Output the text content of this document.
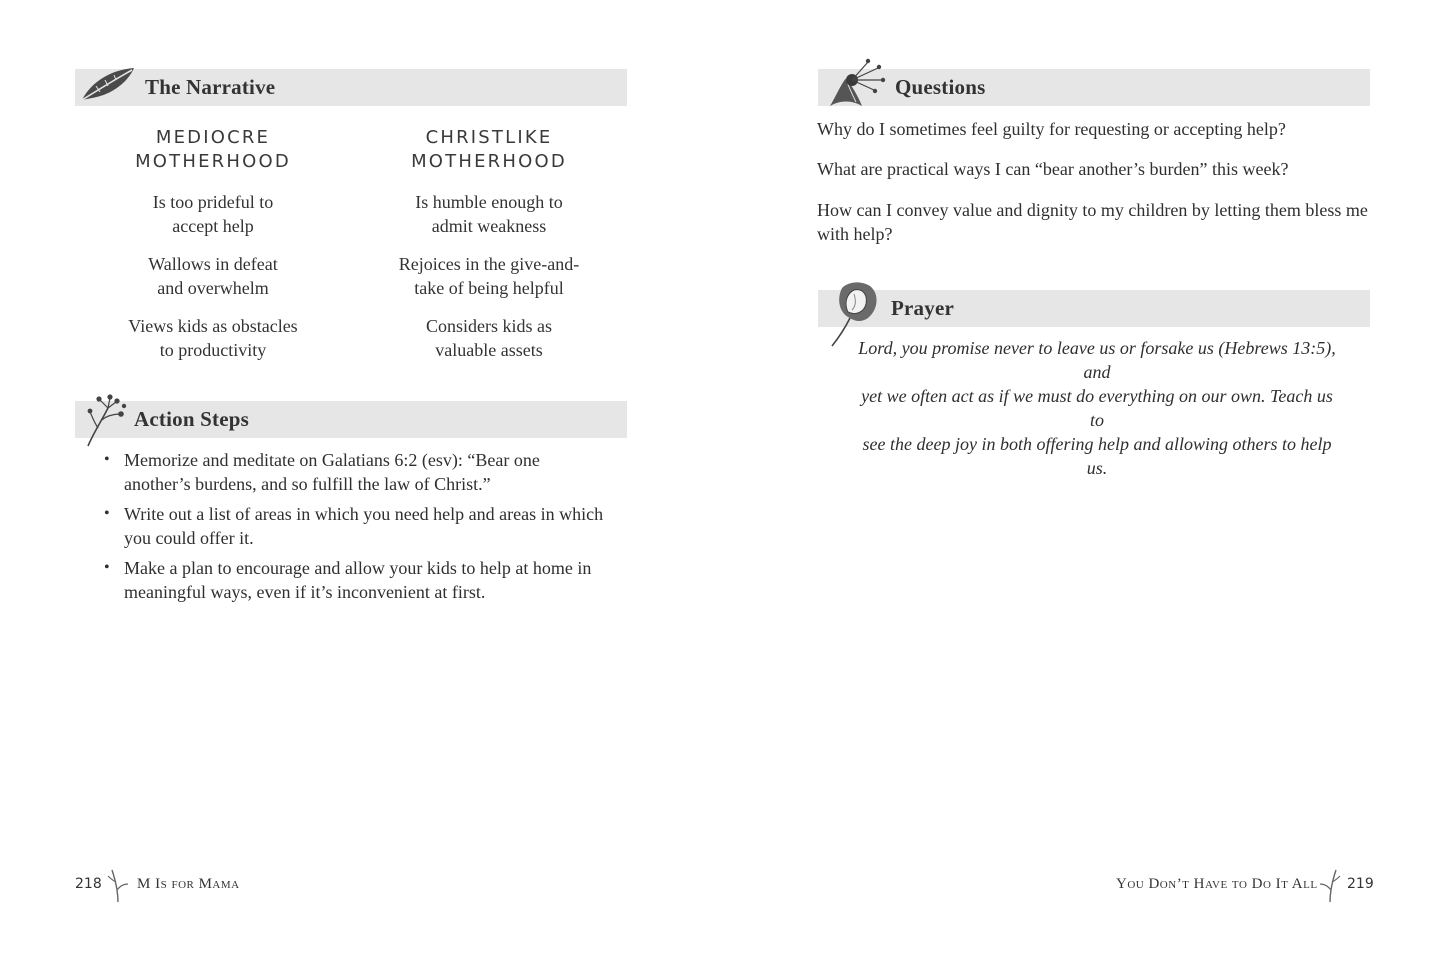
The Narrative
MEDIOCRE
MOTHERHOOD
CHRISTLIKE
MOTHERHOOD
Is too prideful to
accept help
Is humble enough to
admit weakness
Wallows in defeat
and overwhelm
Rejoices in the give-and-
take of being helpful
Views kids as obstacles
to productivity
Considers kids as
valuable assets
Action Steps
• Memorize and meditate on Galatians 6:2 (esv): “Bear one another’s burdens, and so fulfill the law of Christ.”
• Write out a list of areas in which you need help and areas in which you could offer it.
• Make a plan to encourage and allow your kids to help at home in meaningful ways, even if it’s inconvenient at first.
218 M Is for Mama
Questions
Why do I sometimes feel guilty for requesting or accepting help?
What are practical ways I can “bear another’s burden” this week?
How can I convey value and dignity to my children by letting them bless me with help?
Prayer
Lord, you promise never to leave us or forsake us (Hebrews 13:5), and
yet we often act as if we must do everything on our own. Teach us to
see the deep joy in both offering help and allowing others to help us.
You Don’t Have to Do It All 219
